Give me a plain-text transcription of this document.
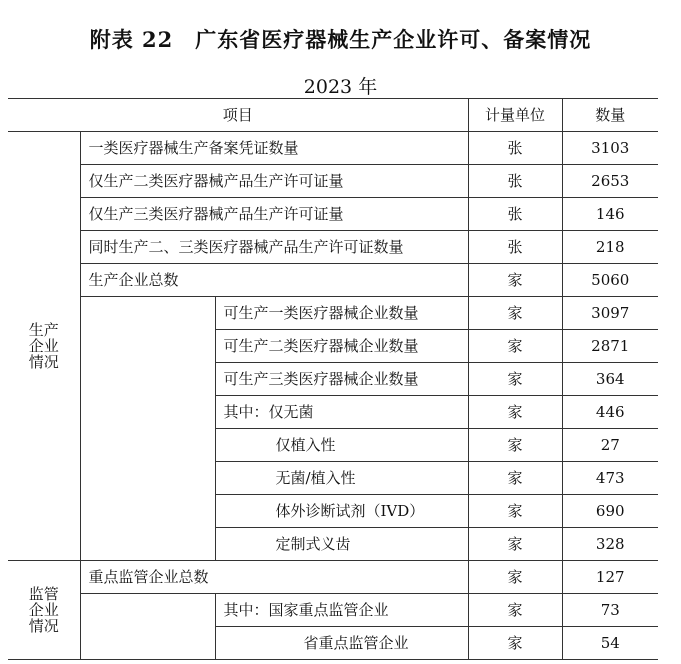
附表 22　广东省医疗器械生产企业许可、备案情况
2023 年
项目			计量单位	数量
生产企业情况	一类医疗器械生产备案凭证数量		张	3103
	仅生产二类医疗器械产品生产许可证量		张	2653
	仅生产三类医疗器械产品生产许可证量		张	146
	同时生产二、三类医疗器械产品生产许可证数量		张	218
	生产企业总数		家	5060
		可生产一类医疗器械企业数量	家	3097
		可生产二类医疗器械企业数量	家	2871
		可生产三类医疗器械企业数量	家	364
		其中：仅无菌	家	446
		仅植入性	家	27
		无菌/植入性	家	473
		体外诊断试剂（IVD）	家	690
		定制式义齿	家	328
监管企业情况	重点监管企业总数		家	127
		其中：国家重点监管企业	家	73
		省重点监管企业	家	54
